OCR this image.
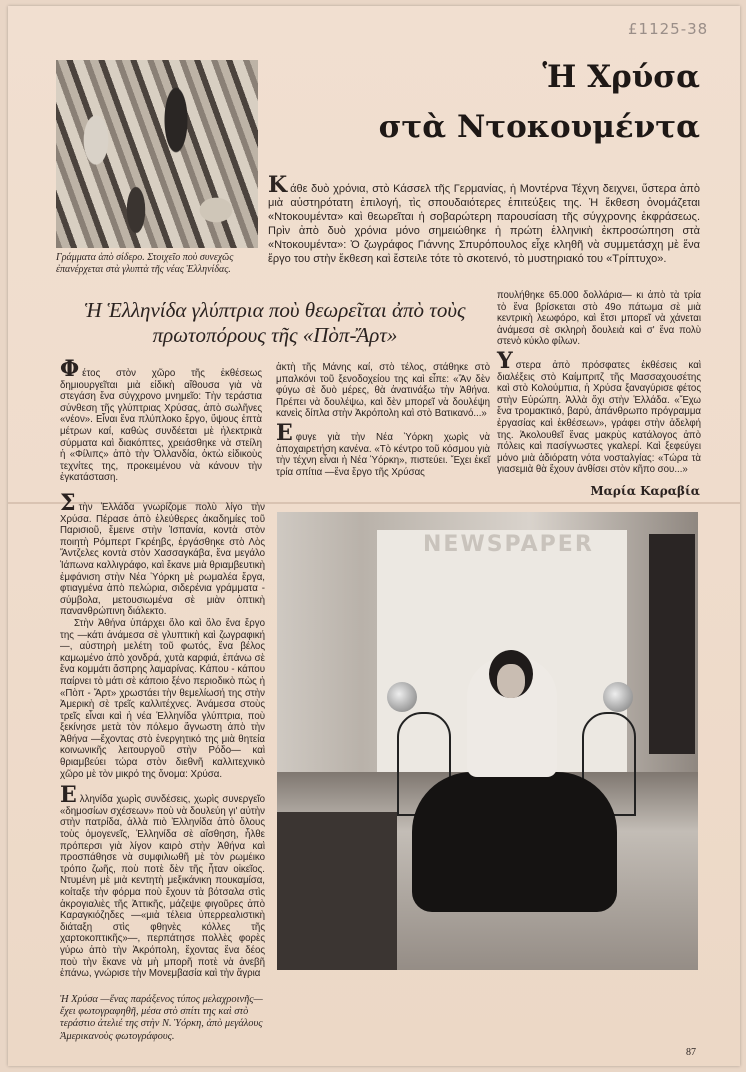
£1125-38
Γράμματα ἀπὸ σίδερο. Στοιχεῖο ποὺ συνεχῶς ἐπανέρχεται στὰ γλυπτὰ τῆς νέας Ἑλληνίδας.
Ἡ Χρύσα
στὰ Ντοκουμέντα
Κάθε δυὸ χρόνια, στὸ Κάσσελ τῆς Γερμανίας, ἡ Μοντέρνα Τέχνη δειχνει, ὕστερα ἀπὸ μιὰ αὐστηρότατη ἐπιλογή, τὶς σπουδαιότερες ἐπιτεύξεις της. Ἡ ἔκθεση ὀνομάζεται «Ντοκουμέντα» καὶ θεωρεῖται ἡ σοβαρώτερη παρουσίαση τῆς σύγχρονης ἐκφράσεως. Πρὶν ἀπὸ δυὸ χρόνια μόνο σημειώθηκε ἡ πρώτη ἑλληνικὴ ἐκπροσώπηση στὰ «Ντοκουμέντα»: Ὁ ζωγράφος Γιάννης Σπυρόπουλος εἶχε κληθῆ νὰ συμμετάσχη μὲ ἕνα ἔργο του στὴν ἔκθεση καὶ ἔστειλε τότε τὸ σκοτεινό, τὸ μυστηριακό του «Τρίπτυχο».
Ἡ Ἑλληνίδα γλύπτρια ποὺ θεωρεῖται ἀπὸ τοὺς πρωτοπόρους τῆς «Πὸπ-Ἄρτ»

Φέτος στὸν χῶρο τῆς ἐκθέσεως δημιουργεῖται μιὰ εἰδικὴ αἴθουσα γιὰ νὰ στεγάση ἕνα σύγχρονο μνημεῖο: Τὴν τεράστια σύνθεση τῆς γλύπτριας Χρύσας, ἀπὸ σωλῆνες «νέον». Εἶναι ἕνα πλύπλοκο ἔργο, ὕψους ἑπτὰ μέτρων καί, καθὼς συνδέεται μὲ ἠλεκτρικὰ σύρματα καὶ διακόπτες, χρειάσθηκε νὰ στείλη ἡ «Φίλιπς» ἀπὸ τὴν Ὁλλανδία, ὀκτὼ εἰδικοὺς τεχνίτες της, προκειμένου νὰ κάνουν τὴν ἐγκατάσταση.

Στὴν Ἑλλάδα γνωρίζομε πολὺ λίγο τὴν Χρύσα. Πέρασε ἀπὸ ἐλεύθερες ἀκαδημίες τοῦ Παρισιοῦ, ἔμεινε στὴν Ἱσπανία, κοντὰ στὸν ποιητὴ Ρόμπερτ Γκρέηβς, ἐργάσθηκε στὸ Λὸς Ἄντζελες κοντὰ στὸν Χασσαγκάβα, ἕνα μεγάλο Ἰάπωνα καλλιγράφο, καὶ ἔκανε μιὰ θριαμβευτικὴ ἐμφάνιση στὴν Νέα Ὑόρκη μὲ ρωμαλέα ἔργα, φτιαγμένα ἀπὸ πελώρια, σιδερένια γράμματα - σύμβολα, μετουσιωμένα σὲ μιὰν ὀπτικὴ πανανθρώπινη διάλεκτο.

Στὴν Ἀθήνα ὑπάρχει ὅλο καὶ ὅλο ἕνα ἔργο της —κάτι ἀνάμεσα σὲ γλυπτικὴ καὶ ζωγραφική—, αὐστηρὴ μελέτη τοῦ φωτός, ἕνα βέλος καμωμένο ἀπὸ χονδρά, χυτὰ καρφιά, ἐπάνω σὲ ἕνα κομμάτι ἄσπρης λαμαρίνας. Κάπου - κάπου παίρνει τὸ μάτι σὲ κάποιο ξένο περιοδικὸ πὼς ἡ «Πὸπ - Ἄρτ» χρωστάει τὴν θεμελίωσή της στὴν Ἀμερικὴ σὲ τρεῖς καλλιτέχνες. Ἀνάμεσα στοὺς τρεῖς εἶναι καὶ ἡ νέα Ἑλληνίδα γλύπτρια, ποὺ ξεκίνησε μετὰ τὸν πόλεμο ἄγνωστη ἀπὸ τὴν Ἀθήνα —ἔχοντας στὸ ἐνεργητικό της μιὰ θητεία κοινωνικῆς λειτουργοῦ στὴν Ρόδο— καὶ θριαμβεύει τώρα στὸν διεθνῆ καλλιτεχνικὸ χῶρο μὲ τὸν μικρό της ὄνομα: Χρύσα.

Ελληνίδα χωρὶς συνδέσεις, χωρὶς συνεργεῖο «δημοσίων σχέσεων» ποὺ νὰ δουλεύη γι' αὐτὴν στὴν πατρίδα, ἀλλὰ πιὸ Ἑλληνίδα ἀπὸ ὅλους τοὺς ὁμογενεῖς, Ἑλληνίδα σὲ αἴσθηση, ἦλθε πρόπερσι γιὰ λίγον καιρὸ στὴν Ἀθήνα καὶ προσπάθησε νὰ συμφιλιωθῆ μὲ τὸν ρωμέικο τρόπο ζωῆς, ποὺ ποτὲ δὲν τῆς ἦταν οἰκεῖος. Ντυμένη μὲ μιὰ κεντητὴ μεξικάνικη πουκαμίσα, κοίταξε τὴν φόρμα ποὺ ἔχουν τὰ βότσαλα στὶς ἀκρογιαλιὲς τῆς Ἀττικῆς, μάζεψε φιγοῦρες ἀπὸ Καραγκιόζηδες —«μιὰ τέλεια ὑπερρεαλιστικὴ διάταξη στὶς φθηνὲς κόλλες τῆς χαρτοκοπτικῆς»—, περπάτησε πολλὲς φορὲς γύρω ἀπὸ τὴν Ἀκρόπολη, ἔχοντας ἕνα δέος ποὺ τὴν ἔκανε νὰ μὴ μπορῆ ποτὲ νὰ ἀνεβῆ ἐπάνω, γνώρισε τὴν Μονεμβασία καὶ τὴν ἄγρια

ἀκτὴ τῆς Μάνης καί, στὸ τέλος, στάθηκε στὸ μπαλκόνι τοῦ ξενοδοχείου της καὶ εἶπε: «Ἂν δὲν φύγω σὲ δυὸ μέρες, θὰ ἀνατινάξω τὴν Ἀθήνα. Πρέπει νὰ δουλέψω, καὶ δὲν μπορεῖ νὰ δουλέψη κανεὶς δίπλα στὴν Ἀκρόπολη καὶ στὸ Βατικανό...»

Εφυγε γιὰ τὴν Νέα Ὑόρκη χωρὶς νὰ ἀποχαιρετήση κανένα. «Τὸ κέντρο τοῦ κόσμου γιὰ τὴν τέχνη εἶναι ἡ Νέα Ὑόρκη», πιστεύει. Ἔχει ἐκεῖ τρία σπίτια —ἕνα ἔργο τῆς Χρύσας

πουλήθηκε 65.000 δολλάρια— κι ἀπὸ τὰ τρία τὸ ἕνα βρίσκεται στὸ 49ο πάτωμα σὲ μιὰ κεντρικὴ λεωφόρο, καὶ ἔτσι μπορεῖ νὰ χάνεται ἀνάμεσα σὲ σκληρὴ δουλειὰ καὶ σ' ἕνα πολὺ στενὸ κύκλο φίλων.

Υστερα ἀπὸ πρόσφατες ἐκθέσεις καὶ διαλέξεις στὸ Καίμπριτζ τῆς Μασσαχουσέτης καὶ στὸ Κολούμπια, ἡ Χρύσα ξαναγύρισε φέτος στὴν Εὐρώπη. Ἀλλὰ ὄχι στὴν Ἑλλάδα. «Ἔχω ἕνα τρομακτικό, βαρύ, ἀπάνθρωπο πρόγραμμα ἐργασίας καὶ ἐκθέσεων», γράφει στὴν ἀδελφή της. Ἀκολουθεῖ ἕνας μακρὺς κατάλογος ἀπὸ πόλεις καὶ πασίγνωστες γκαλερί. Καὶ ξεφεύγει μόνο μιὰ ἀδιόρατη νότα νοσταλγίας: «Τώρα τὰ γιασεμιὰ θὰ ἔχουν ἀνθίσει στὸν κῆπο σου...»

Μαρία Καραβία
NEWSPAPER
Ἡ Χρύσα —ἕνας παράξενος τύπος μελαχροινῆς— ἔχει φωτογραφηθῆ, μέσα στὸ σπίτι της καὶ στὸ τεράστιο ἀτελιέ της στὴν Ν. Ὑόρκη, ἀπὸ μεγάλους Ἀμερικανοὺς φωτογράφους.
87
